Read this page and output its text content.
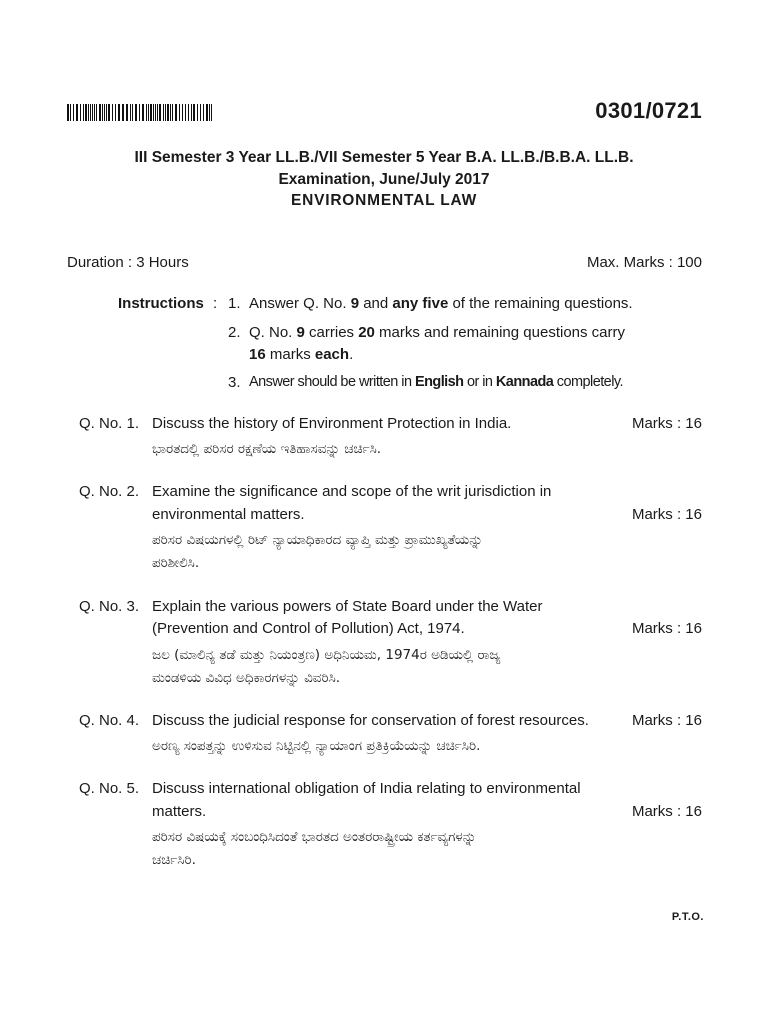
0301/0721
III Semester 3 Year LL.B./VII Semester 5 Year B.A. LL.B./B.B.A. LL.B.
Examination, June/July 2017
ENVIRONMENTAL LAW
Duration : 3 Hours	Max. Marks : 100
Instructions : 1. Answer Q. No. 9 and any five of the remaining questions.
2. Q. No. 9 carries 20 marks and remaining questions carry
16 marks each.
3. Answer should be written in English or in Kannada completely.
Q. No. 1. Discuss the history of Environment Protection in India.	Marks : 16
ಭಾರತದಲ್ಲಿ ಪರಿಸರ ರಕ್ಷಣೆಯ ಇತಿಹಾಸವನ್ನು ಚರ್ಚಿಸಿ.
Q. No. 2. Examine the significance and scope of the writ jurisdiction in
environmental matters.	Marks : 16
ಪರಿಸರ ವಿಷಯಗಳಲ್ಲಿ ರಿಟ್ ನ್ಯಾಯಾಧಿಕಾರದ ವ್ಯಾಪ್ತಿ ಮತ್ತು ಪ್ರಾಮುಖ್ಯತೆಯನ್ನು
ಪರಿಶೀಲಿಸಿ.
Q. No. 3. Explain the various powers of State Board under the Water
(Prevention and Control of Pollution) Act, 1974.	Marks : 16
ಜಲ (ಮಾಲಿನ್ಯ ತಡೆ ಮತ್ತು ನಿಯಂತ್ರಣ) ಅಧಿನಿಯಮ, 1974ರ ಅಡಿಯಲ್ಲಿ ರಾಜ್ಯ
ಮಂಡಳಿಯ ವಿವಿಧ ಅಧಿಕಾರಗಳನ್ನು ವಿವರಿಸಿ.
Q. No. 4. Discuss the judicial response for conservation of forest resources.	Marks : 16
ಅರಣ್ಯ ಸಂಪತ್ತನ್ನು ಉಳಿಸುವ ನಿಟ್ಟಿನಲ್ಲಿ ನ್ಯಾಯಾಂಗ ಪ್ರತಿಕ್ರಿಯೆಯನ್ನು ಚರ್ಚಿಸಿರಿ.
Q. No. 5. Discuss international obligation of India relating to environmental
matters.	Marks : 16
ಪರಿಸರ ವಿಷಯಕ್ಕೆ ಸಂಬಂಧಿಸಿದಂತೆ ಭಾರತದ ಅಂತರರಾಷ್ಟ್ರೀಯ ಕರ್ತವ್ಯಗಳನ್ನು
ಚರ್ಚಿಸಿರಿ.
P.T.O.
